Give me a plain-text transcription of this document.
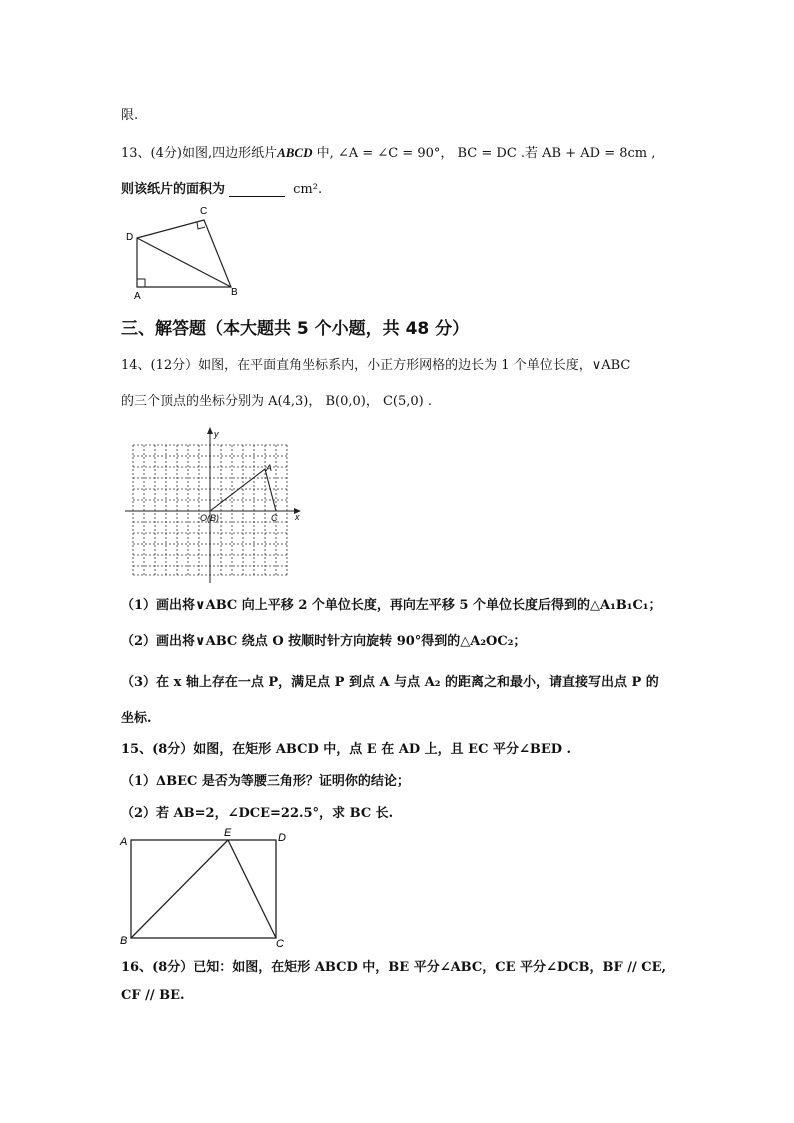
限.
13、(4分)如图,四边形纸片ABCD 中, ∠A = ∠C = 90°， BC = DC .若 AB + AD = 8cm ,
则该纸片的面积为	cm².
D
C
A	B
三、解答题（本大题共 5 个小题，共 48 分）
14、(12分）如图，在平面直角坐标系内，小正方形网格的边长为 1 个单位长度，∨ABC
的三个顶点的坐标分别为 A(4,3)， B(0,0)， C(5,0) .
y
x
O(B)
A
C
（1）画出将∨ABC 向上平移 2 个单位长度，再向左平移 5 个单位长度后得到的△A₁B₁C₁；
（2）画出将∨ABC 绕点 O 按顺时针方向旋转 90°得到的△A₂OC₂；
（3）在 x 轴上存在一点 P，满足点 P 到点 A 与点 A₂ 的距离之和最小，请直接写出点 P 的
坐标.
15、(8分）如图，在矩形 ABCD 中，点 E 在 AD 上，且 EC 平分∠BED .
（1）ΔBEC 是否为等腰三角形？证明你的结论；
（2）若 AB=2，∠DCE=22.5°，求 BC 长.
A
E	D
B	C
16、(8分）已知：如图，在矩形 ABCD 中，BE 平分∠ABC，CE 平分∠DCB，BF // CE,
CF // BE.
